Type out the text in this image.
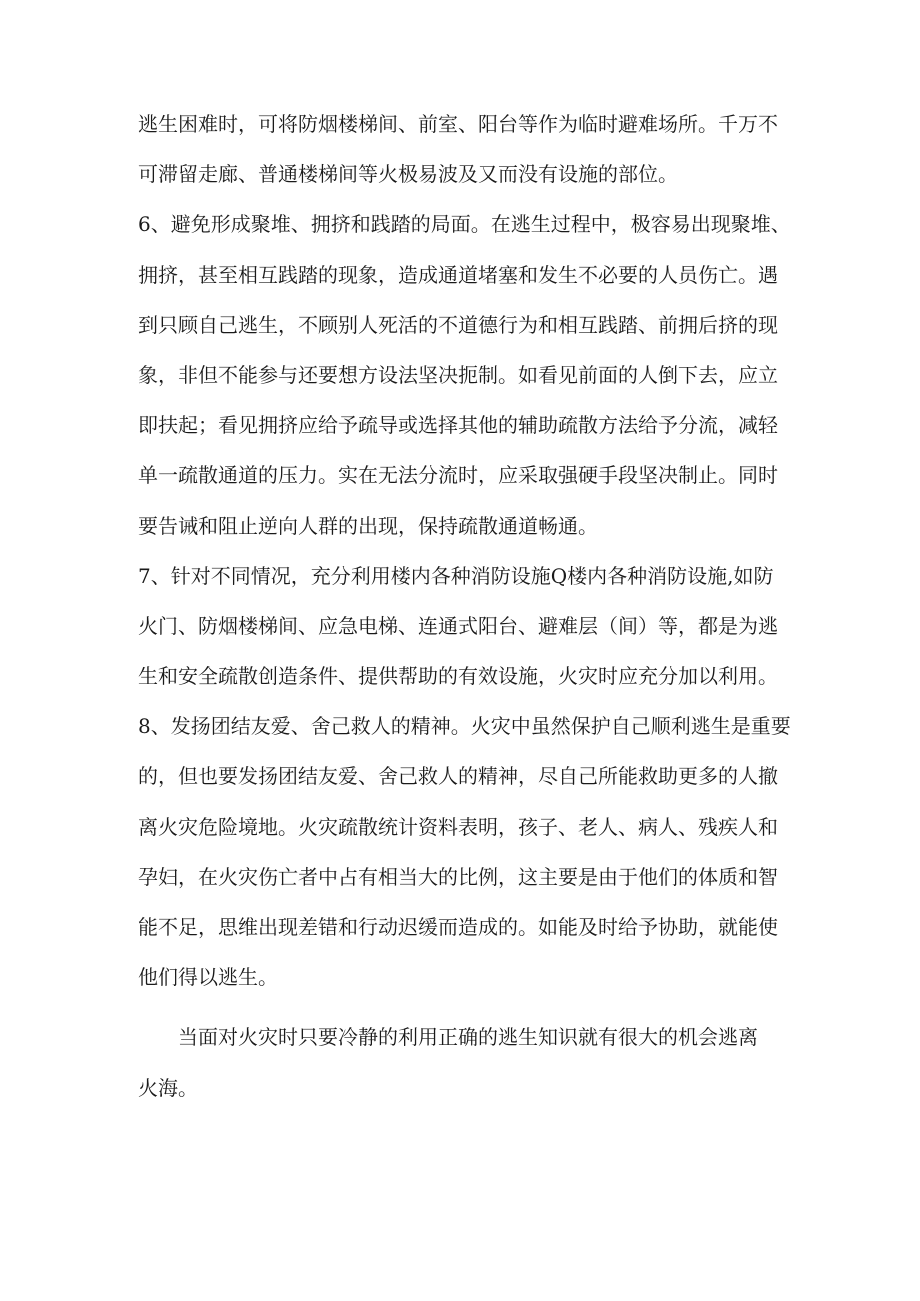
逃生困难时，可将防烟楼梯间、前室、阳台等作为临时避难场所。千万不
可滞留走廊、普通楼梯间等火极易波及又而没有设施的部位。
6、避免形成聚堆、拥挤和践踏的局面。在逃生过程中，极容易出现聚堆、
拥挤，甚至相互践踏的现象，造成通道堵塞和发生不必要的人员伤亡。遇
到只顾自己逃生，不顾别人死活的不道德行为和相互践踏、前拥后挤的现
象，非但不能参与还要想方设法坚决扼制。如看见前面的人倒下去，应立
即扶起；看见拥挤应给予疏导或选择其他的辅助疏散方法给予分流，减轻
单一疏散通道的压力。实在无法分流时，应采取强硬手段坚决制止。同时
要告诫和阻止逆向人群的出现，保持疏散通道畅通。
7、针对不同情况，充分利用楼内各种消防设施Q楼内各种消防设施,如防
火门、防烟楼梯间、应急电梯、连通式阳台、避难层（间）等，都是为逃
生和安全疏散创造条件、提供帮助的有效设施，火灾时应充分加以利用。
8、发扬团结友爱、舍己救人的精神。火灾中虽然保护自己顺利逃生是重要
的，但也要发扬团结友爱、舍己救人的精神，尽自己所能救助更多的人撤
离火灾危险境地。火灾疏散统计资料表明，孩子、老人、病人、残疾人和
孕妇，在火灾伤亡者中占有相当大的比例，这主要是由于他们的体质和智
能不足，思维出现差错和行动迟缓而造成的。如能及时给予协助，就能使
他们得以逃生。
当面对火灾时只要冷静的利用正确的逃生知识就有很大的机会逃离
火海。
